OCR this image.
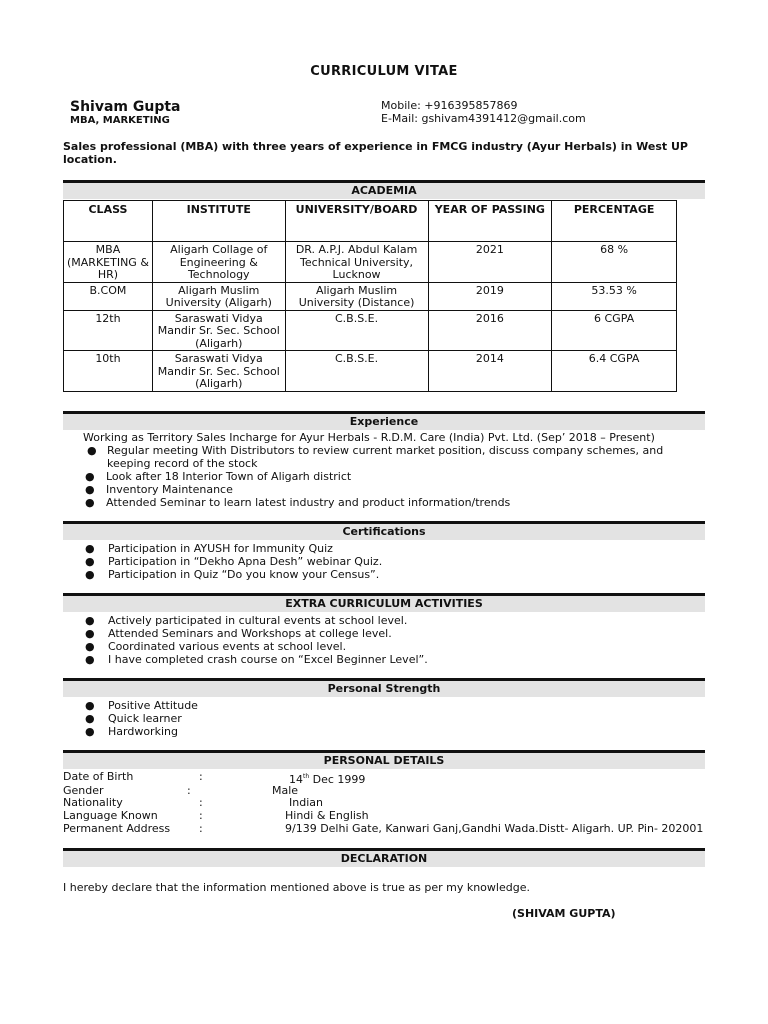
CURRICULUM VITAE
Shivam Gupta
MBA, MARKETING
Mobile: +916395857869
E-Mail: gshivam4391412@gmail.com
Sales professional (MBA) with three years of experience in FMCG industry (Ayur Herbals) in West UP location.
ACADEMIA
CLASS	INSTITUTE	UNIVERSITY/BOARD	YEAR OF PASSING	PERCENTAGE
MBA (MARKETING & HR)	Aligarh Collage of Engineering & Technology	DR. A.P.J. Abdul Kalam Technical University, Lucknow	2021	68 %
B.COM	Aligarh Muslim University (Aligarh)	Aligarh Muslim University (Distance)	2019	53.53 %
12th	Saraswati Vidya Mandir Sr. Sec. School (Aligarh)	C.B.S.E.	2016	6 CGPA
10th	Saraswati Vidya Mandir Sr. Sec. School (Aligarh)	C.B.S.E.	2014	6.4 CGPA
Experience
Working as Territory Sales Incharge for Ayur Herbals - R.D.M. Care (India) Pvt. Ltd. (Sep’ 2018 – Present)
● Regular meeting With Distributors to review current market position, discuss company schemes, and keeping record of the stock
●	Look after 18 Interior Town of Aligarh district
●	Inventory Maintenance
●	Attended Seminar to learn latest industry and product information/trends
Certifications
●	Participation in AYUSH for Immunity Quiz
●	Participation in “Dekho Apna Desh” webinar Quiz.
●	Participation in Quiz “Do you know your Census”.
EXTRA CURRICULUM ACTIVITIES
●	Actively participated in cultural events at school level.
●	Attended Seminars and Workshops at college level.
●	Coordinated various events at school level.
●	I have completed crash course on “Excel Beginner Level”.
Personal Strength
●	Positive Attitude
●	Quick learner
●	Hardworking
PERSONAL DETAILS
Date of Birth	:	14th Dec 1999
Gender	:	Male
Nationality	:	Indian
Language Known	:	Hindi & English
Permanent Address	:	9/139 Delhi Gate, Kanwari Ganj,Gandhi Wada.Distt- Aligarh. UP. Pin- 202001
DECLARATION
I hereby declare that the information mentioned above is true as per my knowledge.
(SHIVAM GUPTA)
